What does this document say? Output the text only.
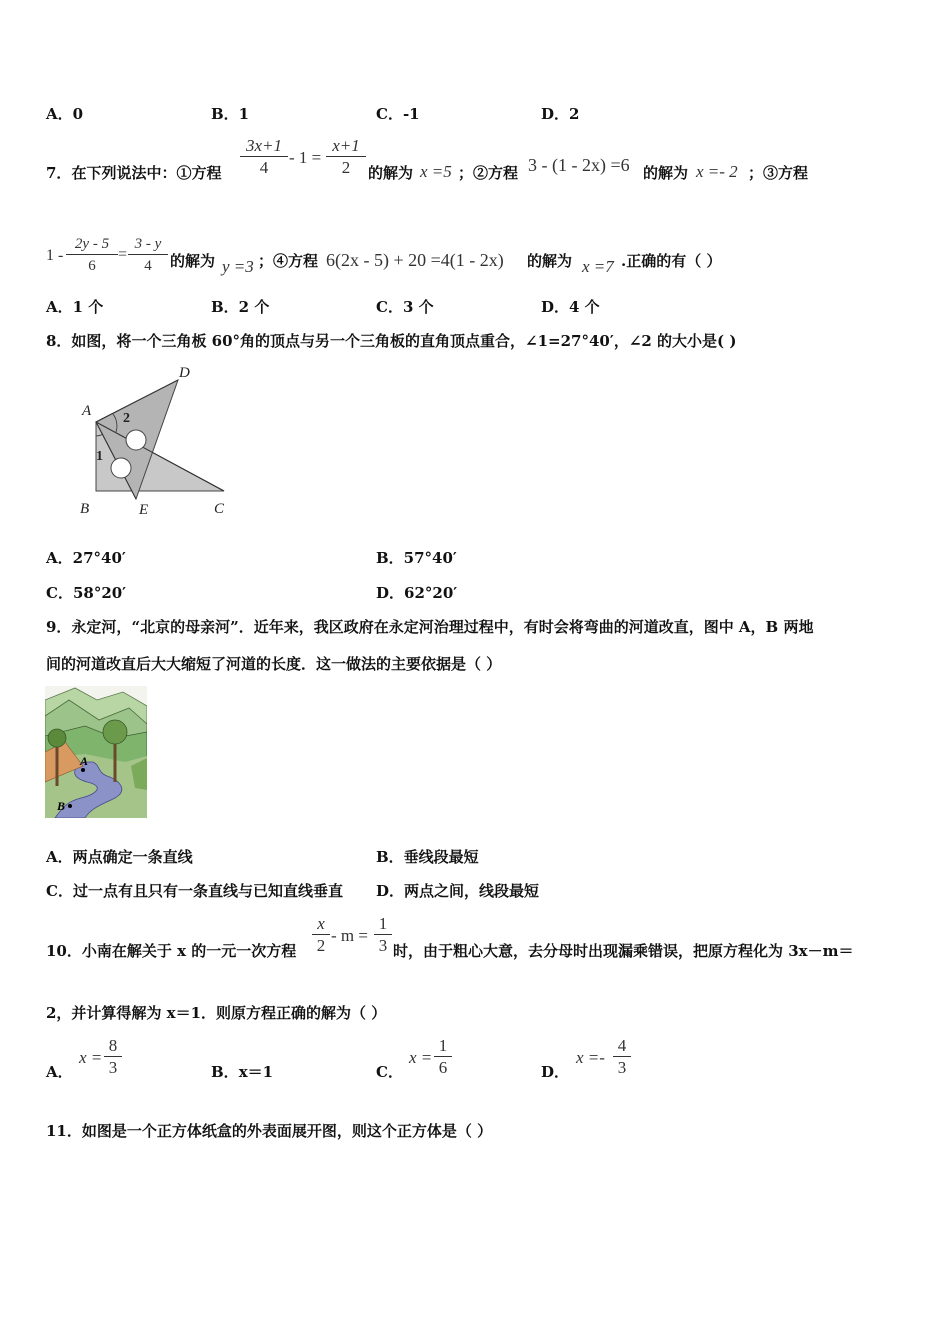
A．0	B．1	C．-1	D．2
7．在下列说法中：①方程 $\frac{3x+1}{4} - 1 = \frac{x+1}{2}$ 的解为 x =5 ；②方程 3 - (1 - 2x) =6 的解为 x =- 2 ；③方程
$1 - \frac{2y - 5}{6} = \frac{3 - y}{4}$ 的解为 y =3 ；④方程 6(2x - 5) + 20 =4(1 - 2x) 的解为 x =7 .正确的有（ ）
A．1 个	B．2 个	C．3 个	D．4 个
8．如图，将一个三角板 60°角的顶点与另一个三角板的直角顶点重合，∠1=27°40′，∠2 的大小是( )
A
D
2
1
B	E	C
A．27°40′	B．57°40′
C．58°20′	D．62°20′
9．永定河，“北京的母亲河”．近年来，我区政府在永定河治理过程中，有时会将弯曲的河道改直，图中 A，B 两地
间的河道改直后大大缩短了河道的长度．这一做法的主要依据是（ ）
A
B
A．两点确定一条直线	B．垂线段最短
C．过一点有且只有一条直线与已知直线垂直 D．两点之间，线段最短
10．小南在解关于 x 的一元一次方程 $\frac{x}{2} - m = \frac{1}{3}$ 时，由于粗心大意，去分母时出现漏乘错误，把原方程化为 3x－m＝
2，并计算得解为 x＝1．则原方程正确的解为（ ）
A．
$x = \frac{8}{3}$	B．x＝1	C．
$x = \frac{1}{6}$	D．
$x =- \frac{4}{3}$
11．如图是一个正方体纸盒的外表面展开图，则这个正方体是（ ）
